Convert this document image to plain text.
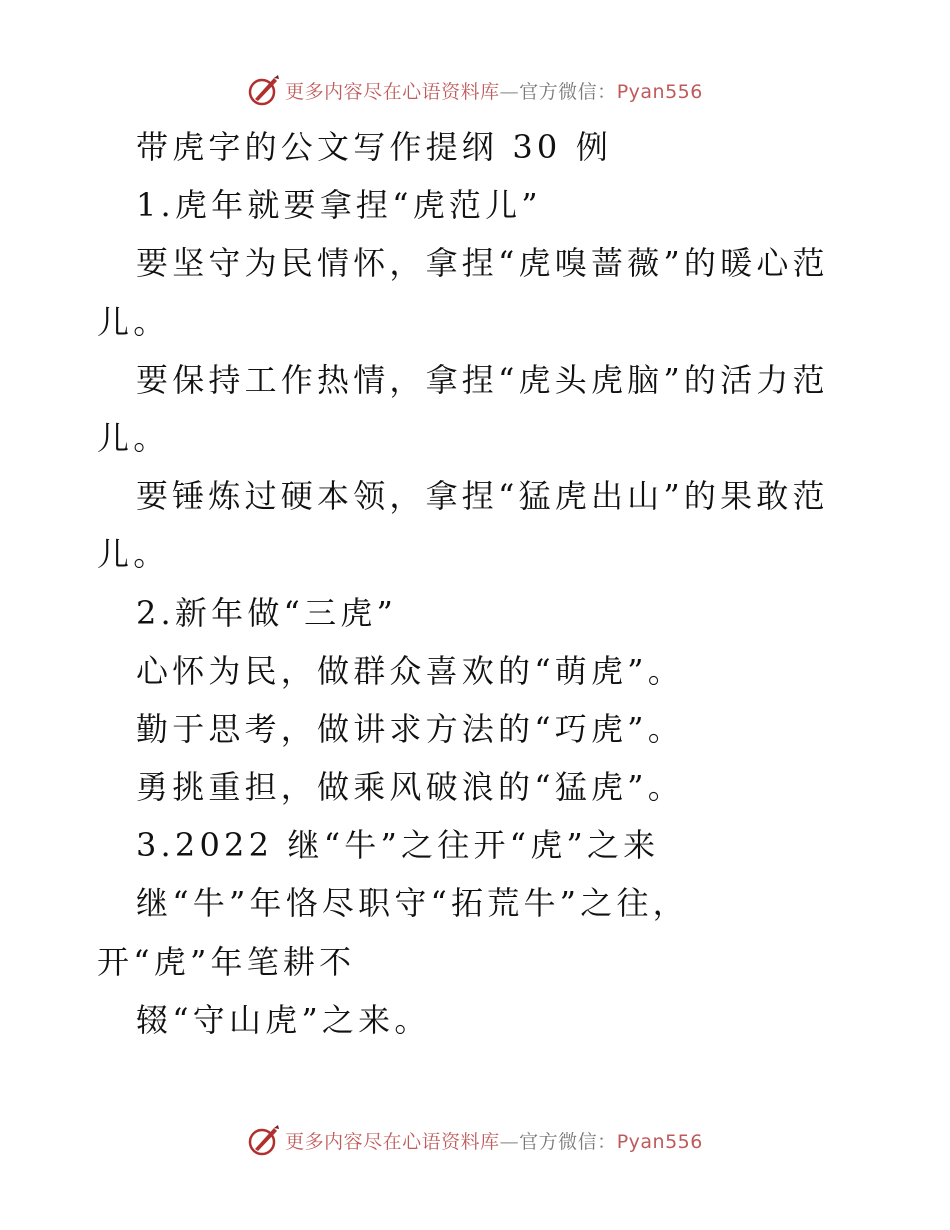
更多内容尽在心语资料库—官方微信：Pyan556
带虎字的公文写作提纲 30 例
1.虎年就要拿捏“虎范儿”
要坚守为民情怀，拿捏“虎嗅蔷薇”的暖心范
儿。
要保持工作热情，拿捏“虎头虎脑”的活力范
儿。
要锤炼过硬本领，拿捏“猛虎出山”的果敢范
儿。
2.新年做“三虎”
心怀为民，做群众喜欢的“萌虎”。
勤于思考，做讲求方法的“巧虎”。
勇挑重担，做乘风破浪的“猛虎”。
3.2022 继“牛”之往开“虎”之来
继“牛”年恪尽职守“拓荒牛”之往，
开“虎”年笔耕不
辍“守山虎”之来。
更多内容尽在心语资料库—官方微信：Pyan556
